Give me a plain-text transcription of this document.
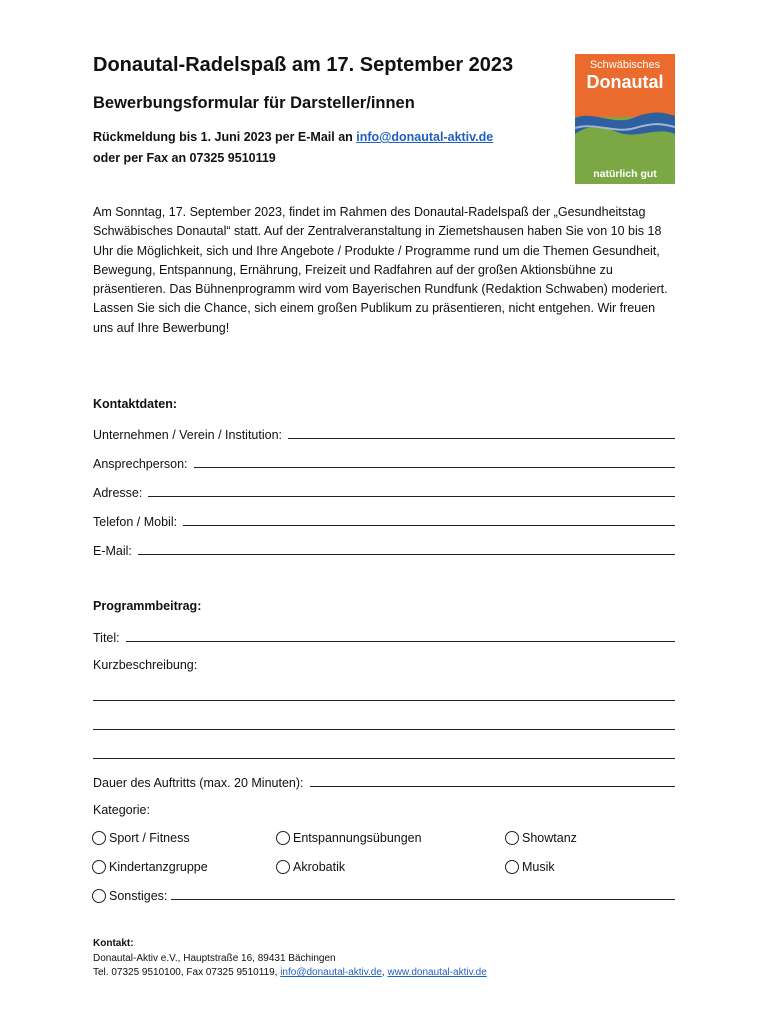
Donautal-Radelspaß am 17. September 2023
Bewerbungsformular für Darsteller/innen
Rückmeldung bis 1. Juni 2023 per E-Mail an info@donautal-aktiv.de
oder per Fax an 07325 9510119
Schwäbisches
Donautal
natürlich gut
Am Sonntag, 17. September 2023, findet im Rahmen des Donautal-Radelspaß der „Gesundheitstag Schwäbisches Donautal“ statt. Auf der Zentralveranstaltung in Ziemetshausen haben Sie von 10 bis 18 Uhr die Möglichkeit, sich und Ihre Angebote / Produkte / Programme rund um die Themen Gesundheit, Bewegung, Entspannung, Ernährung, Freizeit und Radfahren auf der großen Aktionsbühne zu präsentieren. Das Bühnenprogramm wird vom Bayerischen Rundfunk (Redaktion Schwaben) moderiert. Lassen Sie sich die Chance, sich einem großen Publikum zu präsentieren, nicht entgehen. Wir freuen uns auf Ihre Bewerbung!
Kontaktdaten:
Unternehmen / Verein / Institution:
Ansprechperson:
Adresse:
Telefon / Mobil:
E-Mail:
Programmbeitrag:
Titel:
Kurzbeschreibung:
Dauer des Auftritts (max. 20 Minuten):
Kategorie:
Sport / Fitness	Entspannungsübungen	Showtanz
Kindertanzgruppe	Akrobatik	Musik
Sonstiges:
Kontakt:
Donautal-Aktiv e.V., Hauptstraße 16, 89431 Bächingen
Tel. 07325 9510100, Fax 07325 9510119, info@donautal-aktiv.de, www.donautal-aktiv.de
